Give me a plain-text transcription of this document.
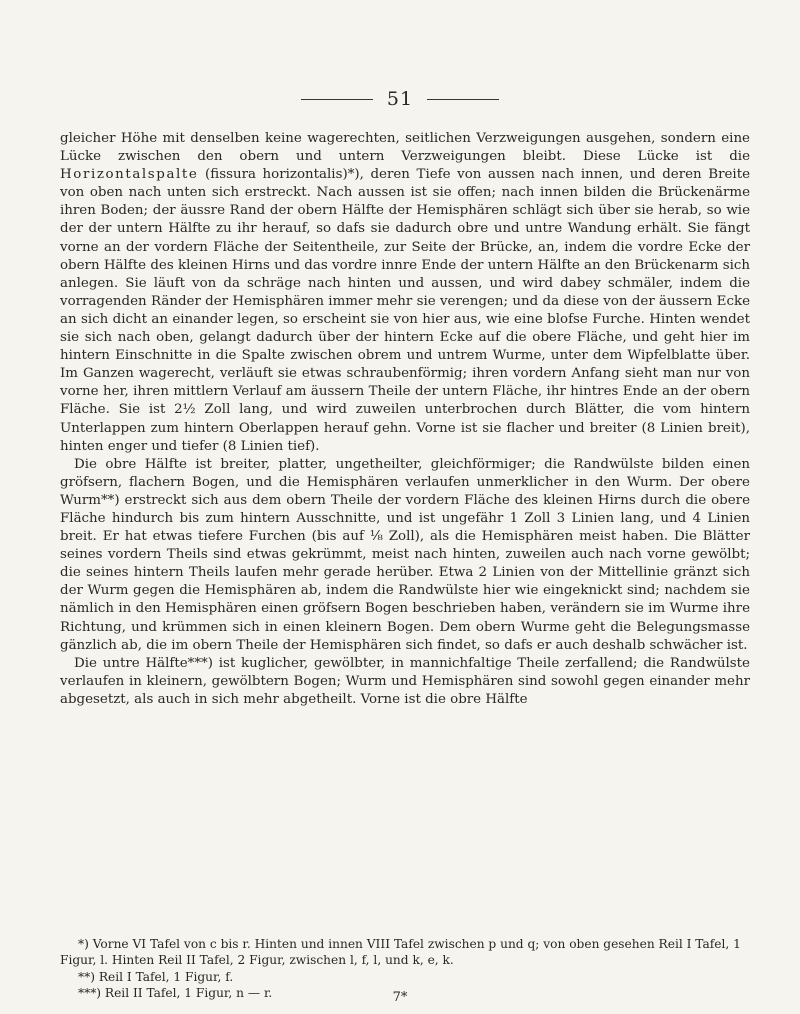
51

gleicher Höhe mit denselben keine wagerechten, seitlichen Verzweigungen ausgehen, sondern eine Lücke zwischen den obern und untern Verzweigungen bleibt. Diese Lücke ist die Horizontalspalte (fissura horizontalis)*), deren Tiefe von aussen nach innen, und deren Breite von oben nach unten sich erstreckt. Nach aussen ist sie offen; nach innen bilden die Brückenärme ihren Boden; der äussre Rand der obern Hälfte der Hemisphären schlägt sich über sie herab, so wie der der untern Hälfte zu ihr herauf, so dafs sie dadurch obre und untre Wandung erhält. Sie fängt vorne an der vordern Fläche der Seitentheile, zur Seite der Brücke, an, indem die vordre Ecke der obern Hälfte des kleinen Hirns und das vordre innre Ende der untern Hälfte an den Brückenarm sich anlegen. Sie läuft von da schräge nach hinten und aussen, und wird dabey schmäler, indem die vorragenden Ränder der Hemisphären immer mehr sie verengen; und da diese von der äussern Ecke an sich dicht an einander legen, so erscheint sie von hier aus, wie eine blofse Furche. Hinten wendet sie sich nach oben, gelangt dadurch über der hintern Ecke auf die obere Fläche, und geht hier im hintern Einschnitte in die Spalte zwischen obrem und untrem Wurme, unter dem Wipfelblatte über. Im Ganzen wagerecht, verläuft sie etwas schraubenförmig; ihren vordern Anfang sieht man nur von vorne her, ihren mittlern Verlauf am äussern Theile der untern Fläche, ihr hintres Ende an der obern Fläche. Sie ist 2½ Zoll lang, und wird zuweilen unterbrochen durch Blätter, die vom hintern Unterlappen zum hintern Oberlappen herauf gehn. Vorne ist sie flacher und breiter (8 Linien breit), hinten enger und tiefer (8 Linien tief).

Die obre Hälfte ist breiter, platter, ungetheilter, gleichförmiger; die Randwülste bilden einen gröfsern, flachern Bogen, und die Hemisphären verlaufen unmerklicher in den Wurm. Der obere Wurm**) erstreckt sich aus dem obern Theile der vordern Fläche des kleinen Hirns durch die obere Fläche hindurch bis zum hintern Ausschnitte, und ist ungefähr 1 Zoll 3 Linien lang, und 4 Linien breit. Er hat etwas tiefere Furchen (bis auf ⅛ Zoll), als die Hemisphären meist haben. Die Blätter seines vordern Theils sind etwas gekrümmt, meist nach hinten, zuweilen auch nach vorne gewölbt; die seines hintern Theils laufen mehr gerade herüber. Etwa 2 Linien von der Mittellinie gränzt sich der Wurm gegen die Hemisphären ab, indem die Randwülste hier wie eingeknickt sind; nachdem sie nämlich in den Hemisphären einen gröfsern Bogen beschrieben haben, verändern sie im Wurme ihre Richtung, und krümmen sich in einen kleinern Bogen. Dem obern Wurme geht die Belegungsmasse gänzlich ab, die im obern Theile der Hemisphären sich findet, so dafs er auch deshalb schwächer ist.

Die untre Hälfte***) ist kuglicher, gewölbter, in mannichfaltige Theile zerfallend; die Randwülste verlaufen in kleinern, gewölbtern Bogen; Wurm und Hemisphären sind sowohl gegen einander mehr abgesetzt, als auch in sich mehr abgetheilt. Vorne ist die obre Hälfte

*) Vorne VI Tafel von c bis r. Hinten und innen VIII Tafel zwischen p und q; von oben gesehen Reil I Tafel, 1 Figur, l. Hinten Reil II Tafel, 2 Figur, zwischen l, f, l, und k, e, k.

**) Reil I Tafel, 1 Figur, f.

***) Reil II Tafel, 1 Figur, n — r.	7*
